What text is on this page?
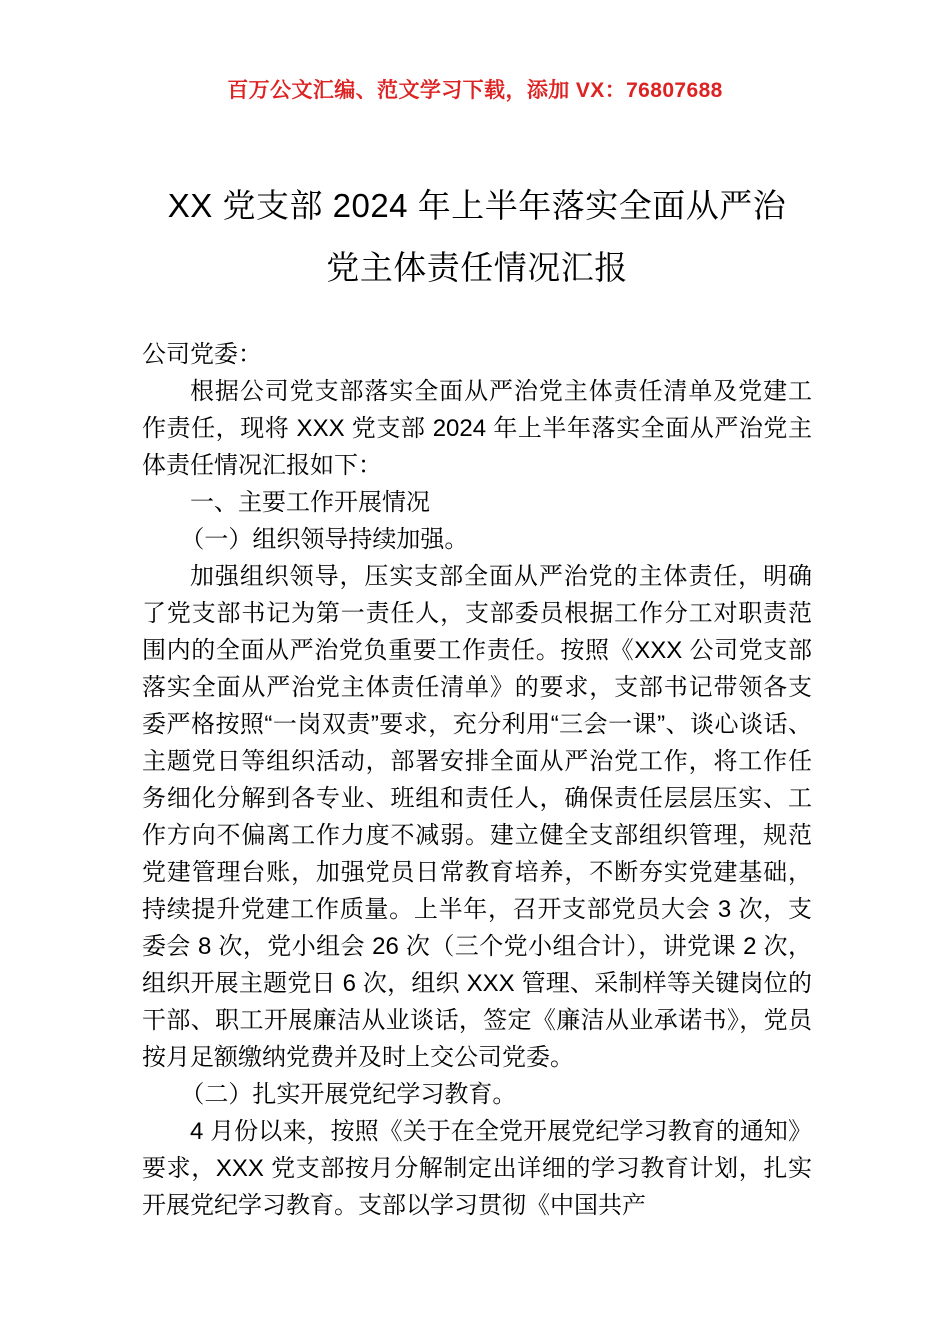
百万公文汇编、范文学习下载，添加 VX：76807688
XX 党支部 2024 年上半年落实全面从严治
党主体责任情况汇报

公司党委：

根据公司党支部落实全面从严治党主体责任清单及党建工作责任，现将 XXX 党支部 2024 年上半年落实全面从严治党主体责任情况汇报如下：

一、主要工作开展情况

（一）组织领导持续加强。

加强组织领导，压实支部全面从严治党的主体责任，明确了党支部书记为第一责任人，支部委员根据工作分工对职责范围内的全面从严治党负重要工作责任。按照《XXX 公司党支部落实全面从严治党主体责任清单》的要求，支部书记带领各支委严格按照“一岗双责”要求，充分利用“三会一课”、谈心谈话、主题党日等组织活动，部署安排全面从严治党工作，将工作任务细化分解到各专业、班组和责任人，确保责任层层压实、工作方向不偏离工作力度不减弱。建立健全支部组织管理，规范党建管理台账，加强党员日常教育培养，不断夯实党建基础，持续提升党建工作质量。上半年，召开支部党员大会 3 次，支委会 8 次，党小组会 26 次（三个党小组合计），讲党课 2 次，组织开展主题党日 6 次，组织 XXX 管理、采制样等关键岗位的干部、职工开展廉洁从业谈话，签定《廉洁从业承诺书》，党员按月足额缴纳党费并及时上交公司党委。

（二）扎实开展党纪学习教育。

4 月份以来，按照《关于在全党开展党纪学习教育的通知》要求，XXX 党支部按月分解制定出详细的学习教育计划，扎实开展党纪学习教育。支部以学习贯彻《中国共产
